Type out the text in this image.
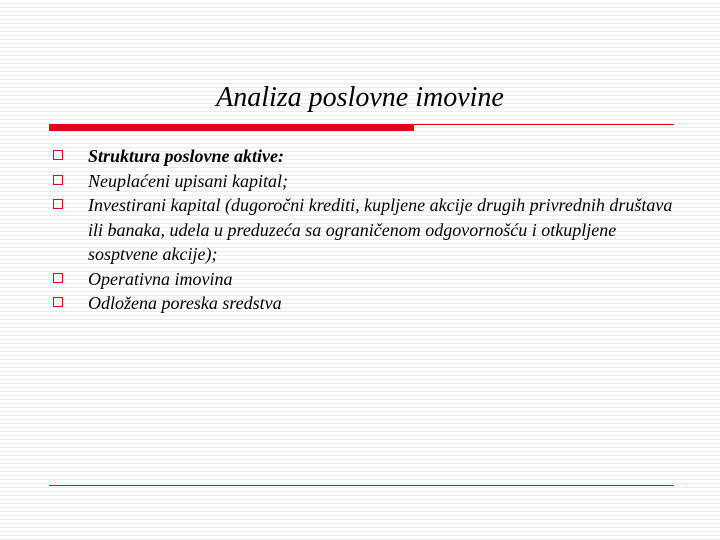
Analiza poslovne imovine
Struktura poslovne aktive:
Neuplaćeni upisani kapital;
Investirani kapital (dugoročni krediti, kupljene akcije drugih privrednih društava ili banaka, udela u preduzeća sa ograničenom odgovornošću i otkupljene sosptvene akcije);
Operativna imovina
Odložena poreska sredstva
